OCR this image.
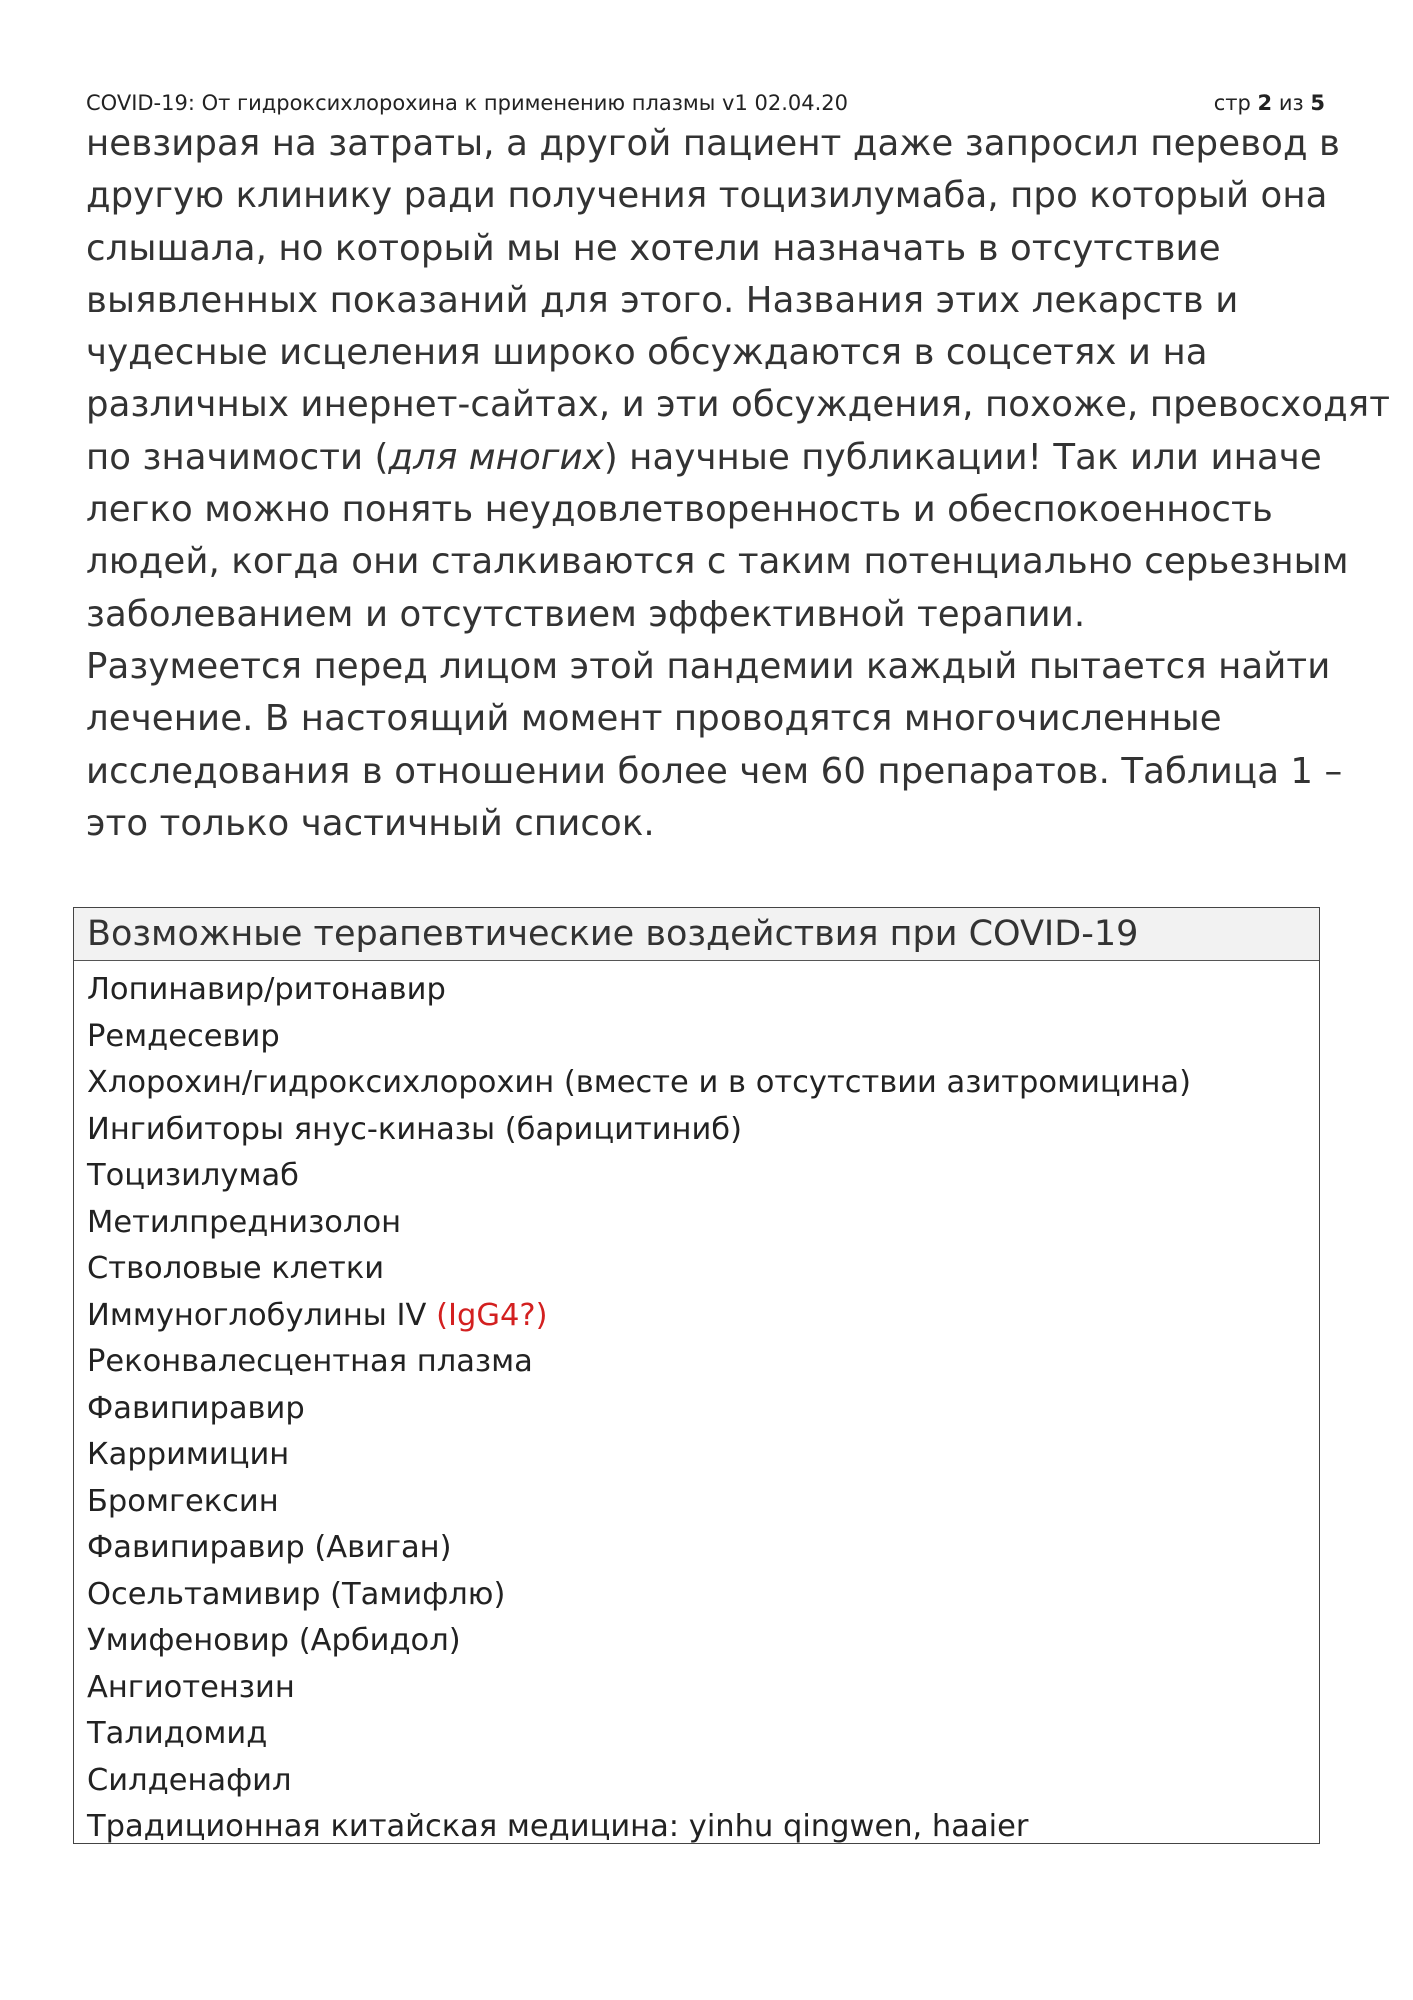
COVID-19: От гидроксихлорохина к применению плазмы v1 02.04.20	стр 2 из 5
невзирая на затраты, а другой пациент даже запросил перевод в
другую клинику ради получения тоцизилумаба, про который она
слышала, но который мы не хотели назначать в отсутствие
выявленных показаний для этого. Названия этих лекарств и
чудесные исцеления широко обсуждаются в соцсетях и на
различных инернет-сайтах, и эти обсуждения, похоже, превосходят
по значимости (для многих) научные публикации! Так или иначе
легко можно понять неудовлетворенность и обеспокоенность
людей, когда они сталкиваются с таким потенциально серьезным
заболеванием и отсутствием эффективной терапии.
Разумеется перед лицом этой пандемии каждый пытается найти
лечение. В настоящий момент проводятся многочисленные
исследования в отношении более чем 60 препаратов. Таблица 1 –
это только частичный список.
Возможные терапевтические воздействия при COVID-19
Лопинавир/ритонавир
Ремдесевир
Хлорохин/гидроксихлорохин (вместе и в отсутствии азитромицина)
Ингибиторы янус-киназы (барицитиниб)
Тоцизилумаб
Метилпреднизолон
Стволовые клетки
Иммуноглобулины IV (IgG4?)
Реконвалесцентная плазма
Фавипиравир
Карримицин
Бромгексин
Фавипиравир (Авиган)
Осельтамивир (Тамифлю)
Умифеновир (Арбидол)
Ангиотензин
Талидомид
Силденафил
Традиционная китайская медицина: yinhu qingwen, haaier
